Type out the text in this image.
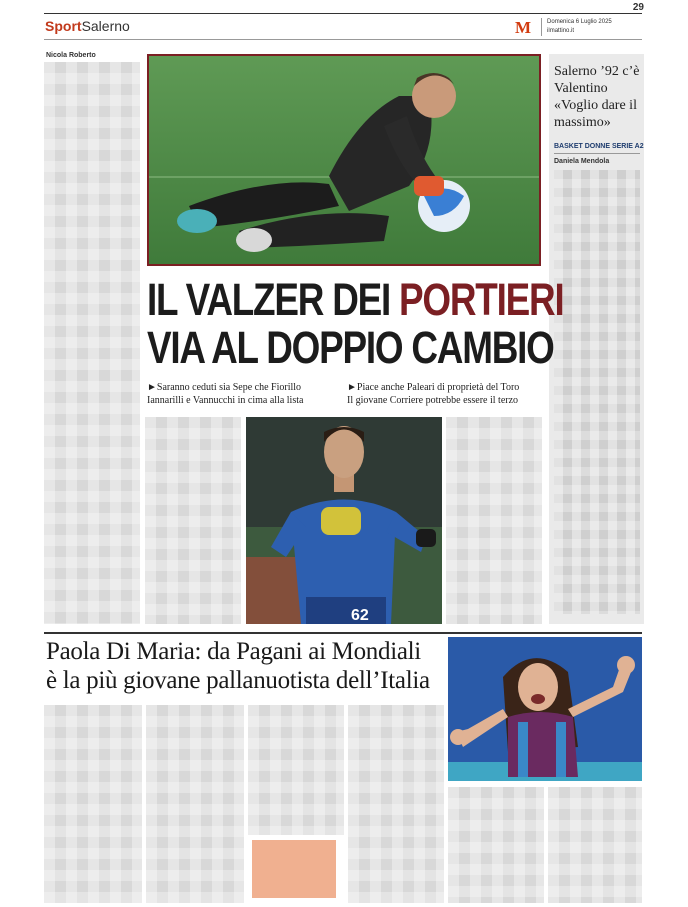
29
SportSalerno	M	Domenica 6 Luglio 2025
ilmattino.it
Nicola Roberto
Salerno ’92 c’è Valentino «Voglio dare il massimo»
BASKET DONNE SERIE A2
Daniela Mendola
IL VALZER DEI PORTIERI
VIA AL DOPPIO CAMBIO
►Saranno ceduti sia Sepe che Fiorillo
Iannarilli e Vannucchi in cima alla lista
►Piace anche Paleari di proprietà del Toro
Il giovane Corriere potrebbe essere il terzo
62
Paola Di Maria: da Pagani ai Mondiali
è la più giovane pallanuotista dell’Italia
